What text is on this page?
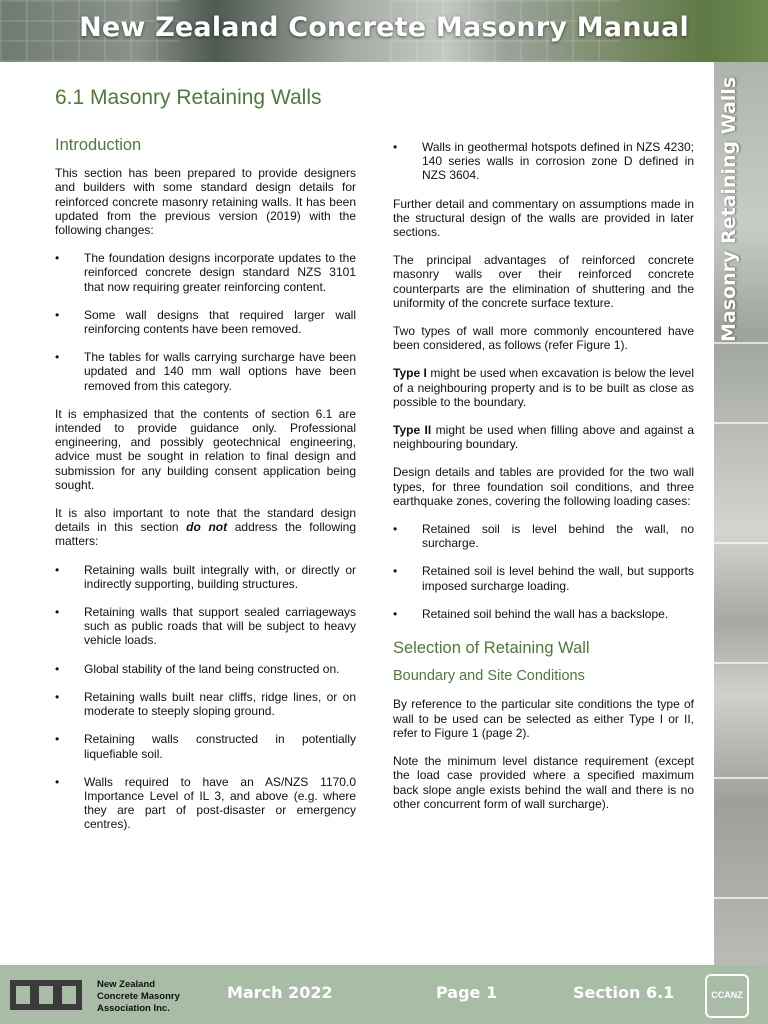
New Zealand Concrete Masonry Manual
Masonry Retaining Walls
6.1 Masonry Retaining Walls
Introduction

This section has been prepared to provide designers and builders with some standard design details for reinforced concrete masonry retaining walls. It has been updated from the previous version (2019) with the following changes:

• The foundation designs incorporate updates to the reinforced concrete design standard NZS 3101 that now requiring greater reinforcing content.
• Some wall designs that required larger wall reinforcing contents have been removed.
• The tables for walls carrying surcharge have been updated and 140 mm wall options have been removed from this category.

It is emphasized that the contents of section 6.1 are intended to provide guidance only. Professional engineering, and possibly geotechnical engineering, advice must be sought in relation to final design and submission for any building consent application being sought.

It is also important to note that the standard design details in this section do not address the following matters:

• Retaining walls built integrally with, or directly or indirectly supporting, building structures.
• Retaining walls that support sealed carriageways such as public roads that will be subject to heavy vehicle loads.
• Global stability of the land being constructed on.
• Retaining walls built near cliffs, ridge lines, or on moderate to steeply sloping ground.
• Retaining walls constructed in potentially liquefiable soil.
• Walls required to have an AS/NZS 1170.0 Importance Level of IL 3, and above (e.g. where they are part of post-disaster or emergency centres).
• Walls in geothermal hotspots defined in NZS 4230; 140 series walls in corrosion zone D defined in NZS 3604.

Further detail and commentary on assumptions made in the structural design of the walls are provided in later sections.

The principal advantages of reinforced concrete masonry walls over their reinforced concrete counterparts are the elimination of shuttering and the uniformity of the concrete surface texture.

Two types of wall more commonly encountered have been considered, as follows (refer Figure 1).

Type I might be used when excavation is below the level of a neighbouring property and is to be built as close as possible to the boundary.

Type II might be used when filling above and against a neighbouring boundary.

Design details and tables are provided for the two wall types, for three foundation soil conditions, and three earthquake zones, covering the following loading cases:

• Retained soil is level behind the wall, no surcharge.
• Retained soil is level behind the wall, but supports imposed surcharge loading.
• Retained soil behind the wall has a backslope.
Selection of Retaining Wall
Boundary and Site Conditions

By reference to the particular site conditions the type of wall to be used can be selected as either Type I or II, refer to Figure 1 (page 2).

Note the minimum level distance requirement (except the load case provided where a specified maximum back slope angle exists behind the wall and there is no other concurrent form of wall surcharge).

New Zealand
Concrete Masonry
Association Inc.
March 2022	Page 1	Section 6.1	CCANZ
